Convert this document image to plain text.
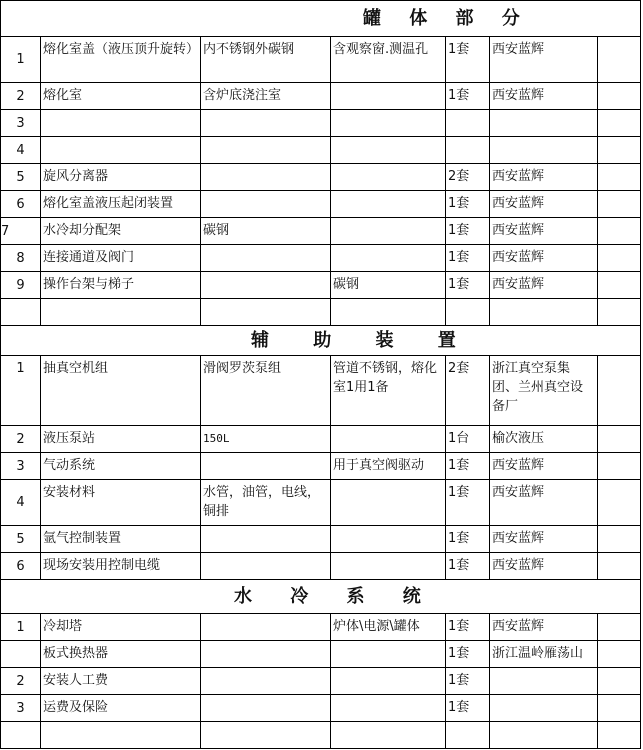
罐 体 部 分						
1	熔化室盖（液压顶升旋转）	内不锈钢外碳钢	含观察窗.测温孔	1套	西安蓝辉	
2	熔化室	含炉底浇注室		1套	西安蓝辉	
3						
4						
5	旋风分离器			2套	西安蓝辉	
6	熔化室盖液压起闭装置			1套	西安蓝辉	
7	水冷却分配架	碳钢		1套	西安蓝辉	
8	连接通道及阀门			1套	西安蓝辉	
9	操作台架与梯子		碳钢	1套	西安蓝辉	

辅 助 装 置						
1	抽真空机组	滑阀罗茨泵组	管道不锈钢，熔化室1用1备	2套	浙江真空泵集团、兰州真空设备厂	
2	液压泵站	150L		1台	榆次液压	
3	气动系统		用于真空阀驱动	1套	西安蓝辉	
4	安装材料	水管，油管，电线，铜排		1套	西安蓝辉	
5	氩气控制装置			1套	西安蓝辉	
6	现场安装用控制电缆			1套	西安蓝辉	
水 冷 系 统						
1	冷却塔		炉体\电源\罐体	1套	西安蓝辉	
	板式换热器			1套	浙江温岭雁荡山	
2	安装人工费			1套		
3	运费及保险			1套		
